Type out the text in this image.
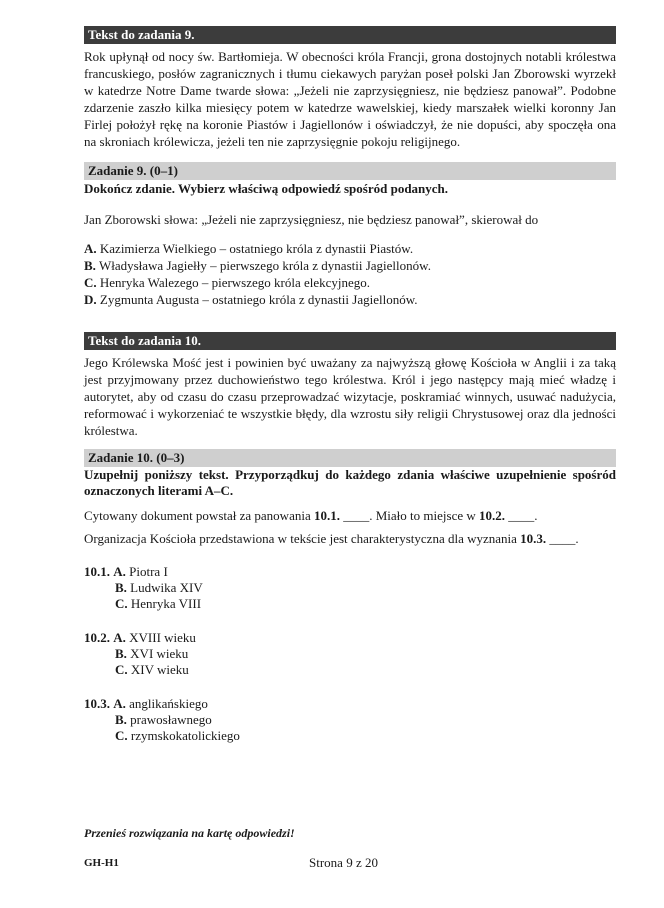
Tekst do zadania 9.

Rok upłynął od nocy św. Bartłomieja. W obecności króla Francji, grona dostojnych notabli królestwa francuskiego, posłów zagranicznych i tłumu ciekawych paryżan poseł polski Jan Zborowski wyrzekł w katedrze Notre Dame twarde słowa: „Jeżeli nie zaprzysięgniesz, nie będziesz panował”. Podobne zdarzenie zaszło kilka miesięcy potem w katedrze wawelskiej, kiedy marszałek wielki koronny Jan Firlej położył rękę na koronie Piastów i Jagiellonów i oświadczył, że nie dopuści, aby spoczęła ona na skroniach królewicza, jeżeli ten nie zaprzysięgnie pokoju religijnego.

Zadanie 9. (0–1)
Dokończ zdanie. Wybierz właściwą odpowiedź spośród podanych.
Jan Zborowski słowa: „Jeżeli nie zaprzysięgniesz, nie będziesz panował”, skierował do
A. Kazimierza Wielkiego – ostatniego króla z dynastii Piastów.
B. Władysława Jagiełły – pierwszego króla z dynastii Jagiellonów.
C. Henryka Walezego – pierwszego króla elekcyjnego.
D. Zygmunta Augusta – ostatniego króla z dynastii Jagiellonów.
Tekst do zadania 10.

Jego Królewska Mość jest i powinien być uważany za najwyższą głowę Kościoła w Anglii i za taką jest przyjmowany przez duchowieństwo tego królestwa. Król i jego następcy mają mieć władzę i autorytet, aby od czasu do czasu przeprowadzać wizytacje, poskramiać winnych, usuwać nadużycia, reformować i wykorzeniać te wszystkie błędy, dla wzrostu siły religii Chrystusowej oraz dla jedności królestwa.

Zadanie 10. (0–3)
Uzupełnij poniższy tekst. Przyporządkuj do każdego zdania właściwe uzupełnienie spośród oznaczonych literami A–C.
Cytowany dokument powstał za panowania 10.1. ____. Miało to miejsce w 10.2. ____.
Organizacja Kościoła przedstawiona w tekście jest charakterystyczna dla wyznania 10.3. ____.
10.1. A. Piotra I
B. Ludwika XIV
C. Henryka VIII
10.2. A. XVIII wieku
B. XVI wieku
C. XIV wieku
10.3. A. anglikańskiego
B. prawosławnego
C. rzymskokatolickiego
Przenieś rozwiązania na kartę odpowiedzi!
GH-H1	Strona 9 z 20
